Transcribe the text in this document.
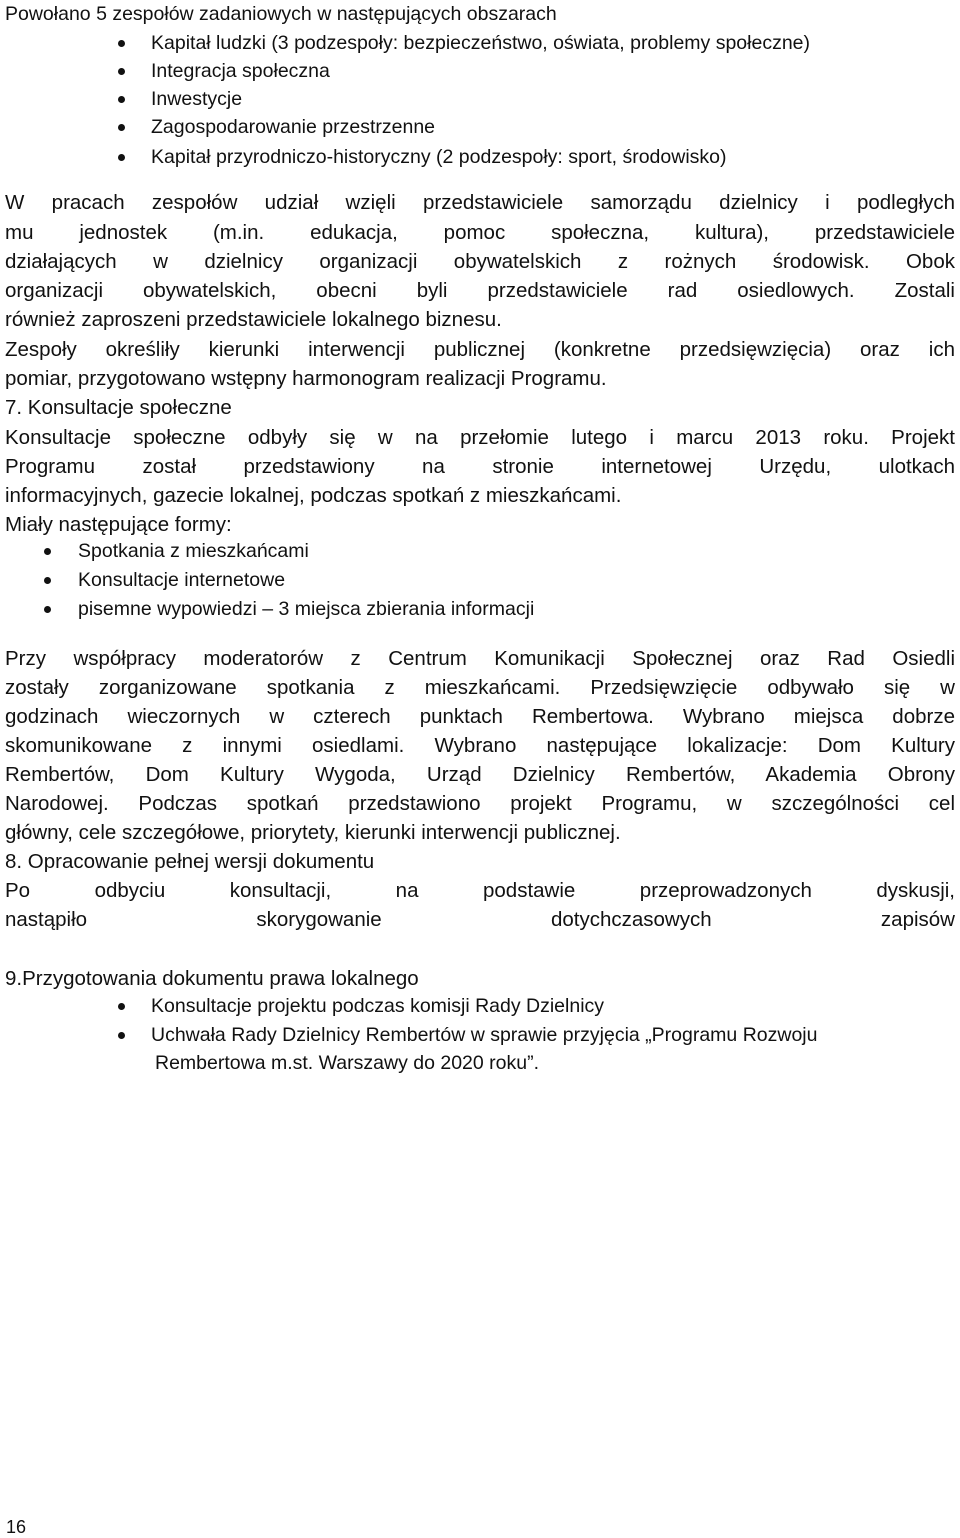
Powołano 5 zespołów zadaniowych w następujących obszarach
Kapitał ludzki (3 podzespoły: bezpieczeństwo, oświata, problemy społeczne)
Integracja społeczna
Inwestycje
Zagospodarowanie przestrzenne
Kapitał przyrodniczo-historyczny (2 podzespoły: sport, środowisko)
W pracach zespołów udział wzięli przedstawiciele samorządu dzielnicy i podległych
mu jednostek (m.in. edukacja, pomoc społeczna, kultura), przedstawiciele
działających w dzielnicy organizacji obywatelskich z rożnych środowisk. Obok
organizacji obywatelskich, obecni byli przedstawiciele rad osiedlowych. Zostali
również zaproszeni przedstawiciele lokalnego biznesu.
Zespoły określiły kierunki interwencji publicznej (konkretne przedsięwzięcia) oraz ich
pomiar, przygotowano wstępny harmonogram realizacji Programu.
7. Konsultacje społeczne
Konsultacje społeczne odbyły się w na przełomie lutego i marcu 2013 roku. Projekt
Programu został przedstawiony na stronie internetowej Urzędu, ulotkach
informacyjnych, gazecie lokalnej, podczas spotkań z mieszkańcami.
Miały następujące formy:
Spotkania z mieszkańcami
Konsultacje internetowe
pisemne wypowiedzi – 3 miejsca zbierania informacji
Przy współpracy moderatorów z Centrum Komunikacji Społecznej oraz Rad Osiedli
zostały zorganizowane spotkania z mieszkańcami. Przedsięwzięcie odbywało się w
godzinach wieczornych w czterech punktach Rembertowa. Wybrano miejsca dobrze
skomunikowane z innymi osiedlami. Wybrano następujące lokalizacje: Dom Kultury
Rembertów, Dom Kultury Wygoda, Urząd Dzielnicy Rembertów, Akademia Obrony
Narodowej. Podczas spotkań przedstawiono projekt Programu, w szczególności cel
główny, cele szczegółowe, priorytety, kierunki interwencji publicznej.
8. Opracowanie pełnej wersji dokumentu
Po odbyciu konsultacji, na podstawie przeprowadzonych dyskusji,
nastąpiło skorygowanie dotychczasowych zapisów
9.Przygotowania dokumentu prawa lokalnego
Konsultacje projektu podczas komisji Rady Dzielnicy
Uchwała Rady Dzielnicy Rembertów w sprawie przyjęcia „Programu Rozwoju
Rembertowa m.st. Warszawy do 2020 roku”.
16
